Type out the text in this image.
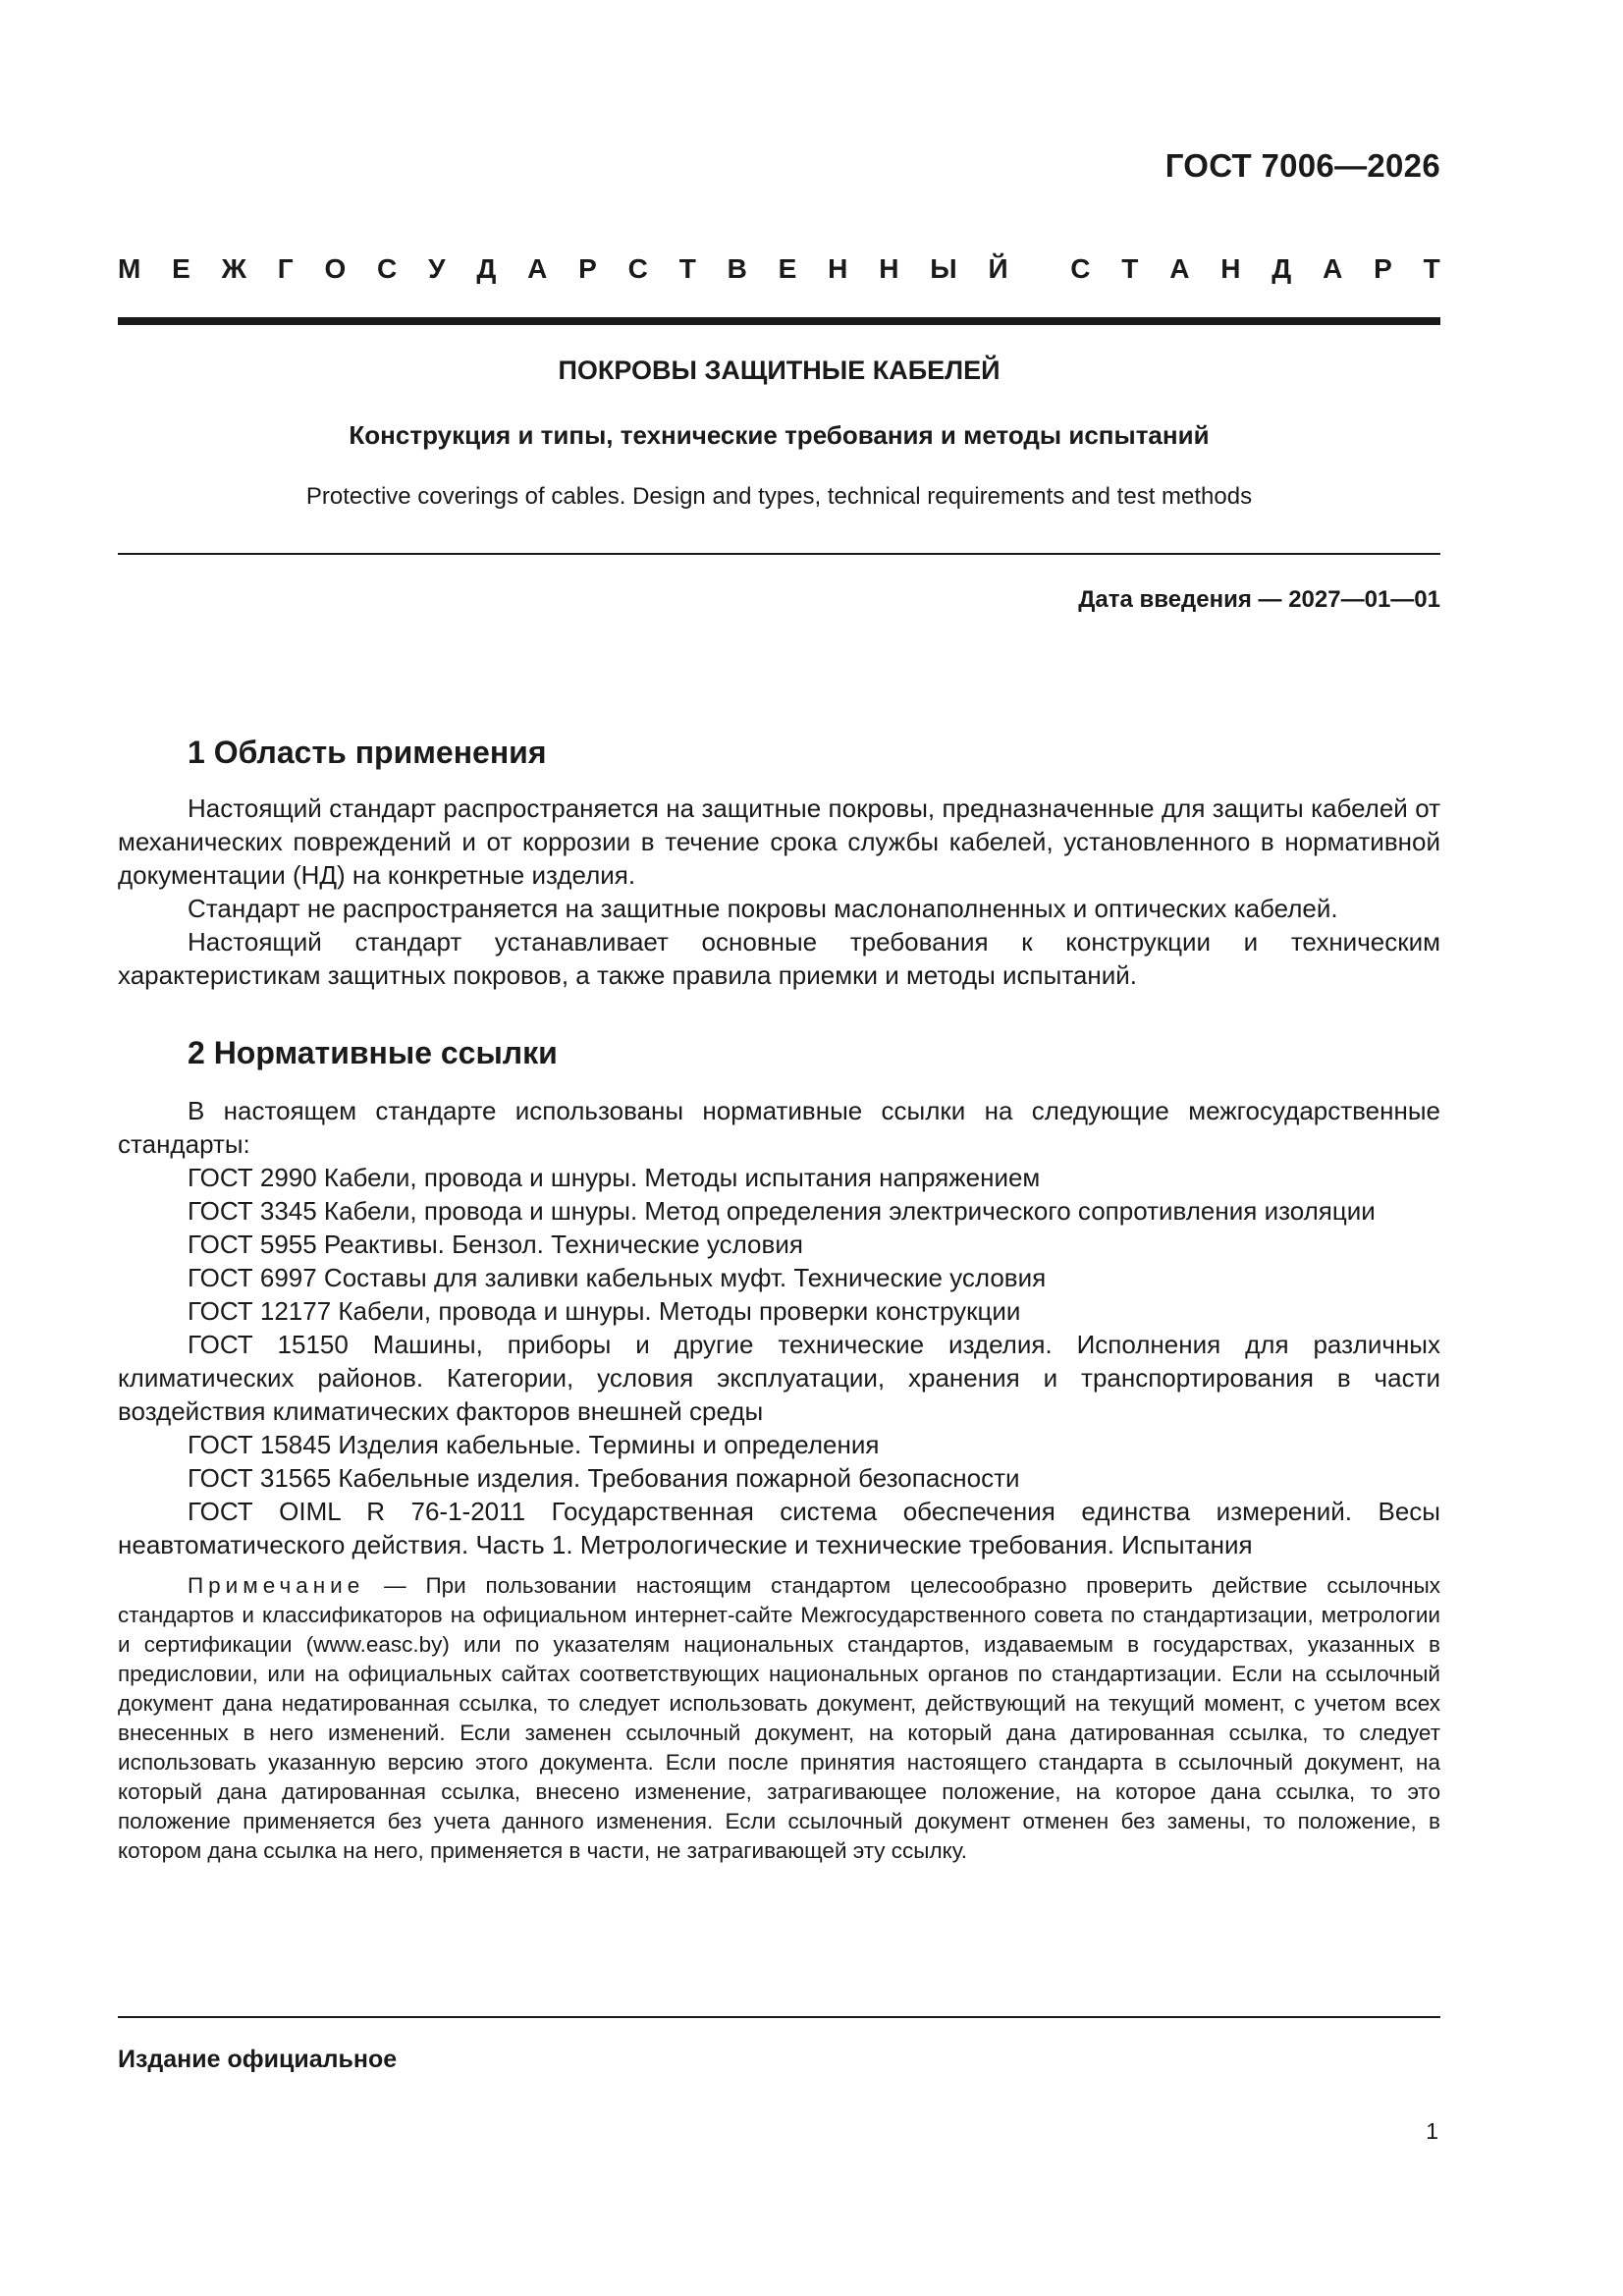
ГОСТ 7006—2026
М Е Ж Г О С У Д А Р С Т В Е Н Н Ы Й С Т А Н Д А Р Т
ПОКРОВЫ ЗАЩИТНЫЕ КАБЕЛЕЙ
Конструкция и типы, технические требования и методы испытаний
Protective coverings of cables. Design and types, technical requirements and test methods
Дата введения — 2027—01—01
1 Область применения

Настоящий стандарт распространяется на защитные покровы, предназначенные для защиты кабелей от механических повреждений и от коррозии в течение срока службы кабелей, установленного в нормативной документации (НД) на конкретные изделия.

Стандарт не распространяется на защитные покровы маслонаполненных и оптических кабелей.

Настоящий стандарт устанавливает основные требования к конструкции и техническим характеристикам защитных покровов, а также правила приемки и методы испытаний.

2 Нормативные ссылки

В настоящем стандарте использованы нормативные ссылки на следующие межгосударственные стандарты:

ГОСТ 2990 Кабели, провода и шнуры. Методы испытания напряжением
ГОСТ 3345 Кабели, провода и шнуры. Метод определения электрического сопротивления изоляции
ГОСТ 5955 Реактивы. Бензол. Технические условия
ГОСТ 6997 Составы для заливки кабельных муфт. Технические условия
ГОСТ 12177 Кабели, провода и шнуры. Методы проверки конструкции
ГОСТ 15150 Машины, приборы и другие технические изделия. Исполнения для различных климатических районов. Категории, условия эксплуатации, хранения и транспортирования в части воздействия климатических факторов внешней среды
ГОСТ 15845 Изделия кабельные. Термины и определения
ГОСТ 31565 Кабельные изделия. Требования пожарной безопасности
ГОСТ OIML R 76-1-2011 Государственная система обеспечения единства измерений. Весы неавтоматического действия. Часть 1. Метрологические и технические требования. Испытания
Примечание — При пользовании настоящим стандартом целесообразно проверить действие ссылочных стандартов и классификаторов на официальном интернет-сайте Межгосударственного совета по стандартизации, метрологии и сертификации (www.easc.by) или по указателям национальных стандартов, издаваемым в государствах, указанных в предисловии, или на официальных сайтах соответствующих национальных органов по стандартизации. Если на ссылочный документ дана недатированная ссылка, то следует использовать документ, действующий на текущий момент, с учетом всех внесенных в него изменений. Если заменен ссылочный документ, на который дана датированная ссылка, то следует использовать указанную версию этого документа. Если после принятия настоящего стандарта в ссылочный документ, на который дана датированная ссылка, внесено изменение, затрагивающее положение, на которое дана ссылка, то это положение применяется без учета данного изменения. Если ссылочный документ отменен без замены, то положение, в котором дана ссылка на него, применяется в части, не затрагивающей эту ссылку.
Издание официальное
1
